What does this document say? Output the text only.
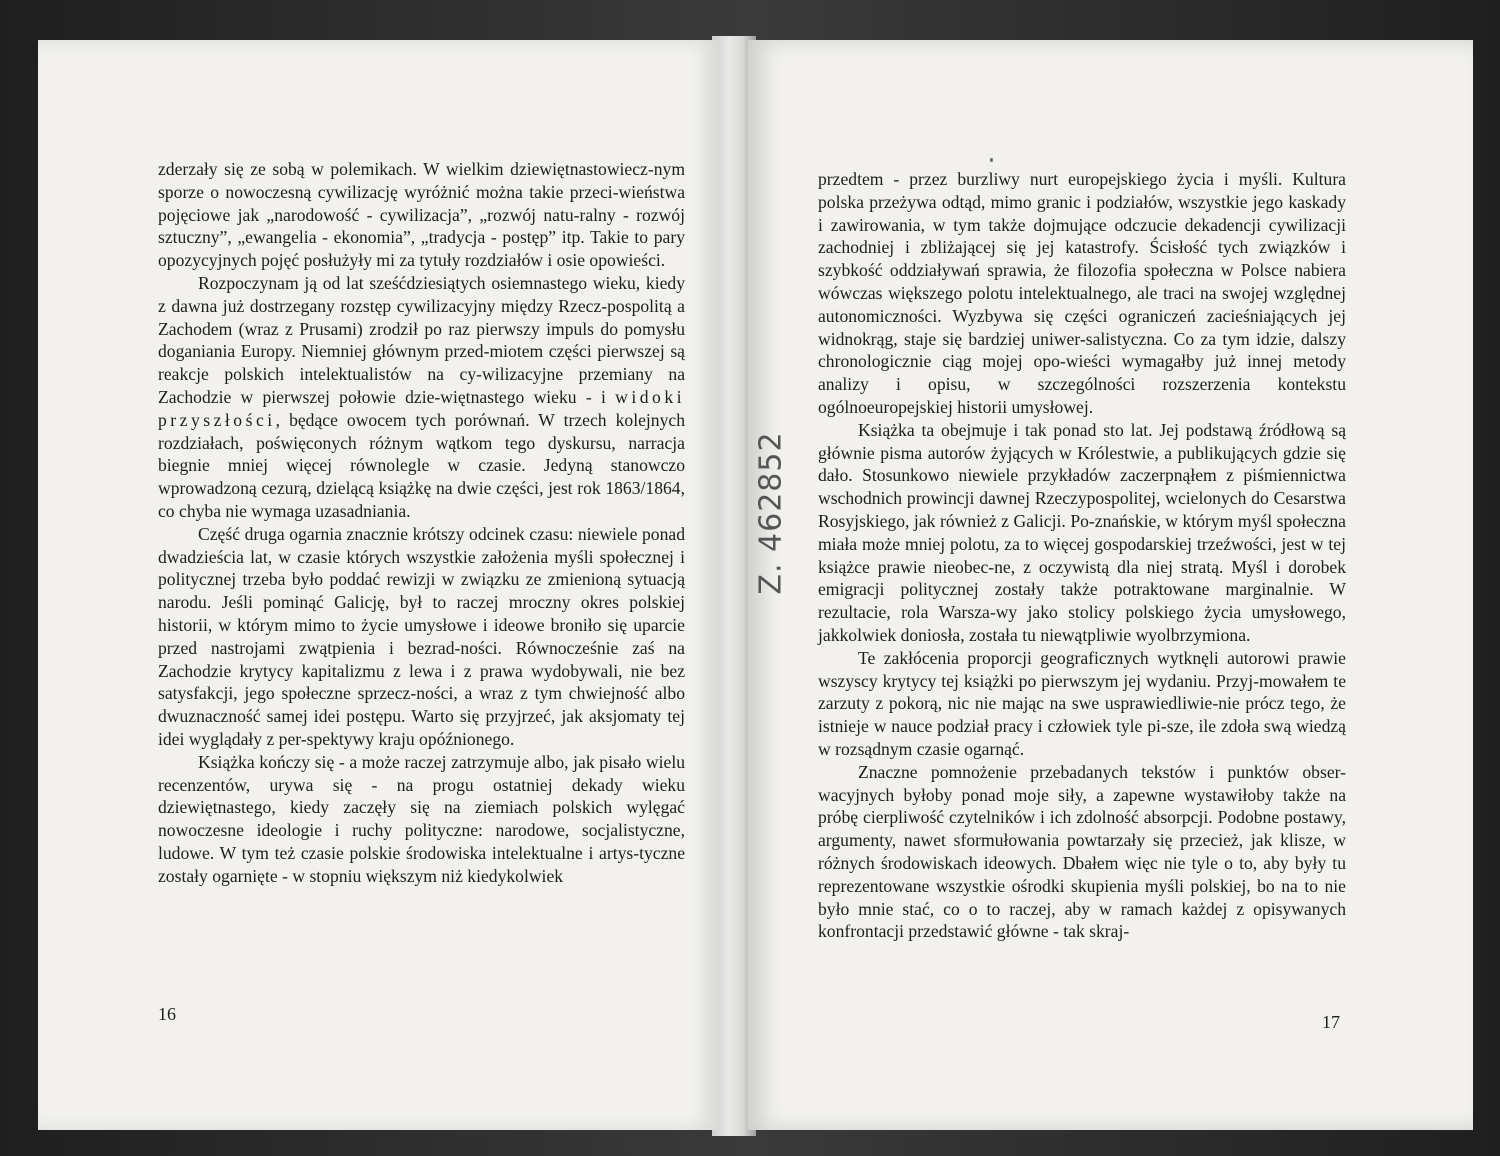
zderzały się ze sobą w polemikach. W wielkim dziewiętnastowiecz-nym sporze o nowoczesną cywilizację wyróżnić można takie przeci-wieństwa pojęciowe jak „narodowość - cywilizacja”, „rozwój natu-ralny - rozwój sztuczny”, „ewangelia - ekonomia”, „tradycja - postęp” itp. Takie to pary opozycyjnych pojęć posłużyły mi za tytuły rozdziałów i osie opowieści.

Rozpoczynam ją od lat sześćdziesiątych osiemnastego wieku, kiedy z dawna już dostrzegany rozstęp cywilizacyjny między Rzecz-pospolitą a Zachodem (wraz z Prusami) zrodził po raz pierwszy impuls do pomysłu doganiania Europy. Niemniej głównym przed-miotem części pierwszej są reakcje polskich intelektualistów na cy-wilizacyjne przemiany na Zachodzie w pierwszej połowie dzie-więtnastego wieku - i widoki przyszłości, będące owocem tych porównań. W trzech kolejnych rozdziałach, poświęconych różnym wątkom tego dyskursu, narracja biegnie mniej więcej równolegle w czasie. Jedyną stanowczo wprowadzoną cezurą, dzielącą książkę na dwie części, jest rok 1863/1864, co chyba nie wymaga uzasadniania.

Część druga ogarnia znacznie krótszy odcinek czasu: niewiele ponad dwadzieścia lat, w czasie których wszystkie założenia myśli społecznej i politycznej trzeba było poddać rewizji w związku ze zmienioną sytuacją narodu. Jeśli pominąć Galicję, był to raczej mroczny okres polskiej historii, w którym mimo to życie umysłowe i ideowe broniło się uparcie przed nastrojami zwątpienia i bezrad-ności. Równocześnie zaś na Zachodzie krytycy kapitalizmu z lewa i z prawa wydobywali, nie bez satysfakcji, jego społeczne sprzecz-ności, a wraz z tym chwiejność albo dwuznaczność samej idei postępu. Warto się przyjrzeć, jak aksjomaty tej idei wyglądały z per-spektywy kraju opóźnionego.

Książka kończy się - a może raczej zatrzymuje albo, jak pisało wielu recenzentów, urywa się - na progu ostatniej dekady wieku dziewiętnastego, kiedy zaczęły się na ziemiach polskich wylęgać nowoczesne ideologie i ruchy polityczne: narodowe, socjalistyczne, ludowe. W tym też czasie polskie środowiska intelektualne i artys-tyczne zostały ogarnięte - w stopniu większym niż kiedykolwiek

16

przedtem - przez burzliwy nurt europejskiego życia i myśli. Kultura polska przeżywa odtąd, mimo granic i podziałów, wszystkie jego kaskady i zawirowania, w tym także dojmujące odczucie dekadencji cywilizacji zachodniej i zbliżającej się jej katastrofy. Ścisłość tych związków i szybkość oddziaływań sprawia, że filozofia społeczna w Polsce nabiera wówczas większego polotu intelektualnego, ale traci na swojej względnej autonomiczności. Wyzbywa się części ograniczeń zacieśniających jej widnokrąg, staje się bardziej uniwer-salistyczna. Co za tym idzie, dalszy chronologicznie ciąg mojej opo-wieści wymagałby już innej metody analizy i opisu, w szczególności rozszerzenia kontekstu ogólnoeuropejskiej historii umysłowej.

Książka ta obejmuje i tak ponad sto lat. Jej podstawą źródłową są głównie pisma autorów żyjących w Królestwie, a publikujących gdzie się dało. Stosunkowo niewiele przykładów zaczerpnąłem z piśmiennictwa wschodnich prowincji dawnej Rzeczypospolitej, wcielonych do Cesarstwa Rosyjskiego, jak również z Galicji. Po-znańskie, w którym myśl społeczna miała może mniej polotu, za to więcej gospodarskiej trzeźwości, jest w tej książce prawie nieobec-ne, z oczywistą dla niej stratą. Myśl i dorobek emigracji politycznej zostały także potraktowane marginalnie. W rezultacie, rola Warsza-wy jako stolicy polskiego życia umysłowego, jakkolwiek doniosła, została tu niewątpliwie wyolbrzymiona.

Te zakłócenia proporcji geograficznych wytknęli autorowi prawie wszyscy krytycy tej książki po pierwszym jej wydaniu. Przyj-mowałem te zarzuty z pokorą, nic nie mając na swe usprawiedliwie-nie prócz tego, że istnieje w nauce podział pracy i człowiek tyle pi-sze, ile zdoła swą wiedzą w rozsądnym czasie ogarnąć.

Znaczne pomnożenie przebadanych tekstów i punktów obser-wacyjnych byłoby ponad moje siły, a zapewne wystawiłoby także na próbę cierpliwość czytelników i ich zdolność absorpcji. Podobne postawy, argumenty, nawet sformułowania powtarzały się przecież, jak klisze, w różnych środowiskach ideowych. Dbałem więc nie tyle o to, aby były tu reprezentowane wszystkie ośrodki skupienia myśli polskiej, bo na to nie było mnie stać, co o to raczej, aby w ramach każdej z opisywanych konfrontacji przedstawić główne - tak skraj-

17
Z. 462852
